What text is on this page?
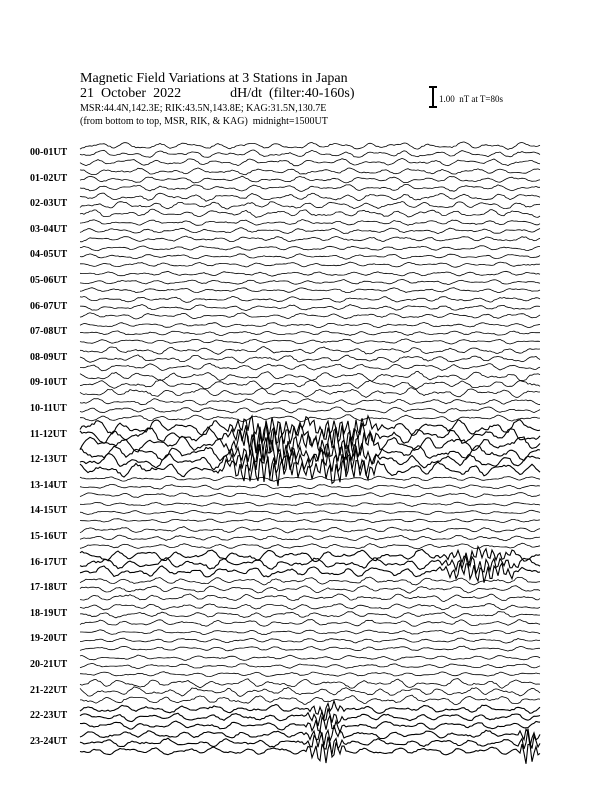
Magnetic Field Variations at 3 Stations in Japan
21  October  2022              dH/dt  (filter:40-160s)
MSR:44.4N,142.3E; RIK:43.5N,143.8E; KAG:31.5N,130.7E
(from bottom to top, MSR, RIK, & KAG)  midnight=1500UT
1.00  nT at T=80s
00-01UT
01-02UT
02-03UT
03-04UT
04-05UT
05-06UT
06-07UT
07-08UT
08-09UT
09-10UT
10-11UT
11-12UT
12-13UT
13-14UT
14-15UT
15-16UT
16-17UT
17-18UT
18-19UT
19-20UT
20-21UT
21-22UT
22-23UT
23-24UT
